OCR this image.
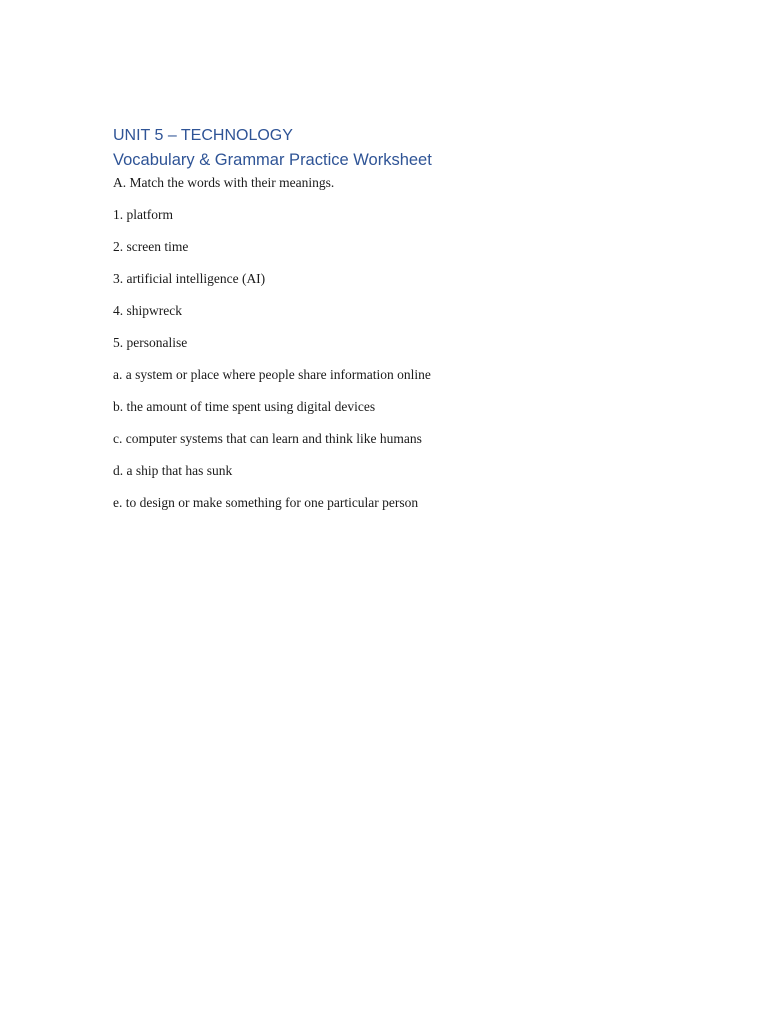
UNIT 5 – TECHNOLOGY
Vocabulary & Grammar Practice Worksheet
A. Match the words with their meanings.
1. platform
2. screen time
3. artificial intelligence (AI)
4. shipwreck
5. personalise
a. a system or place where people share information online
b. the amount of time spent using digital devices
c. computer systems that can learn and think like humans
d. a ship that has sunk
e. to design or make something for one particular person
